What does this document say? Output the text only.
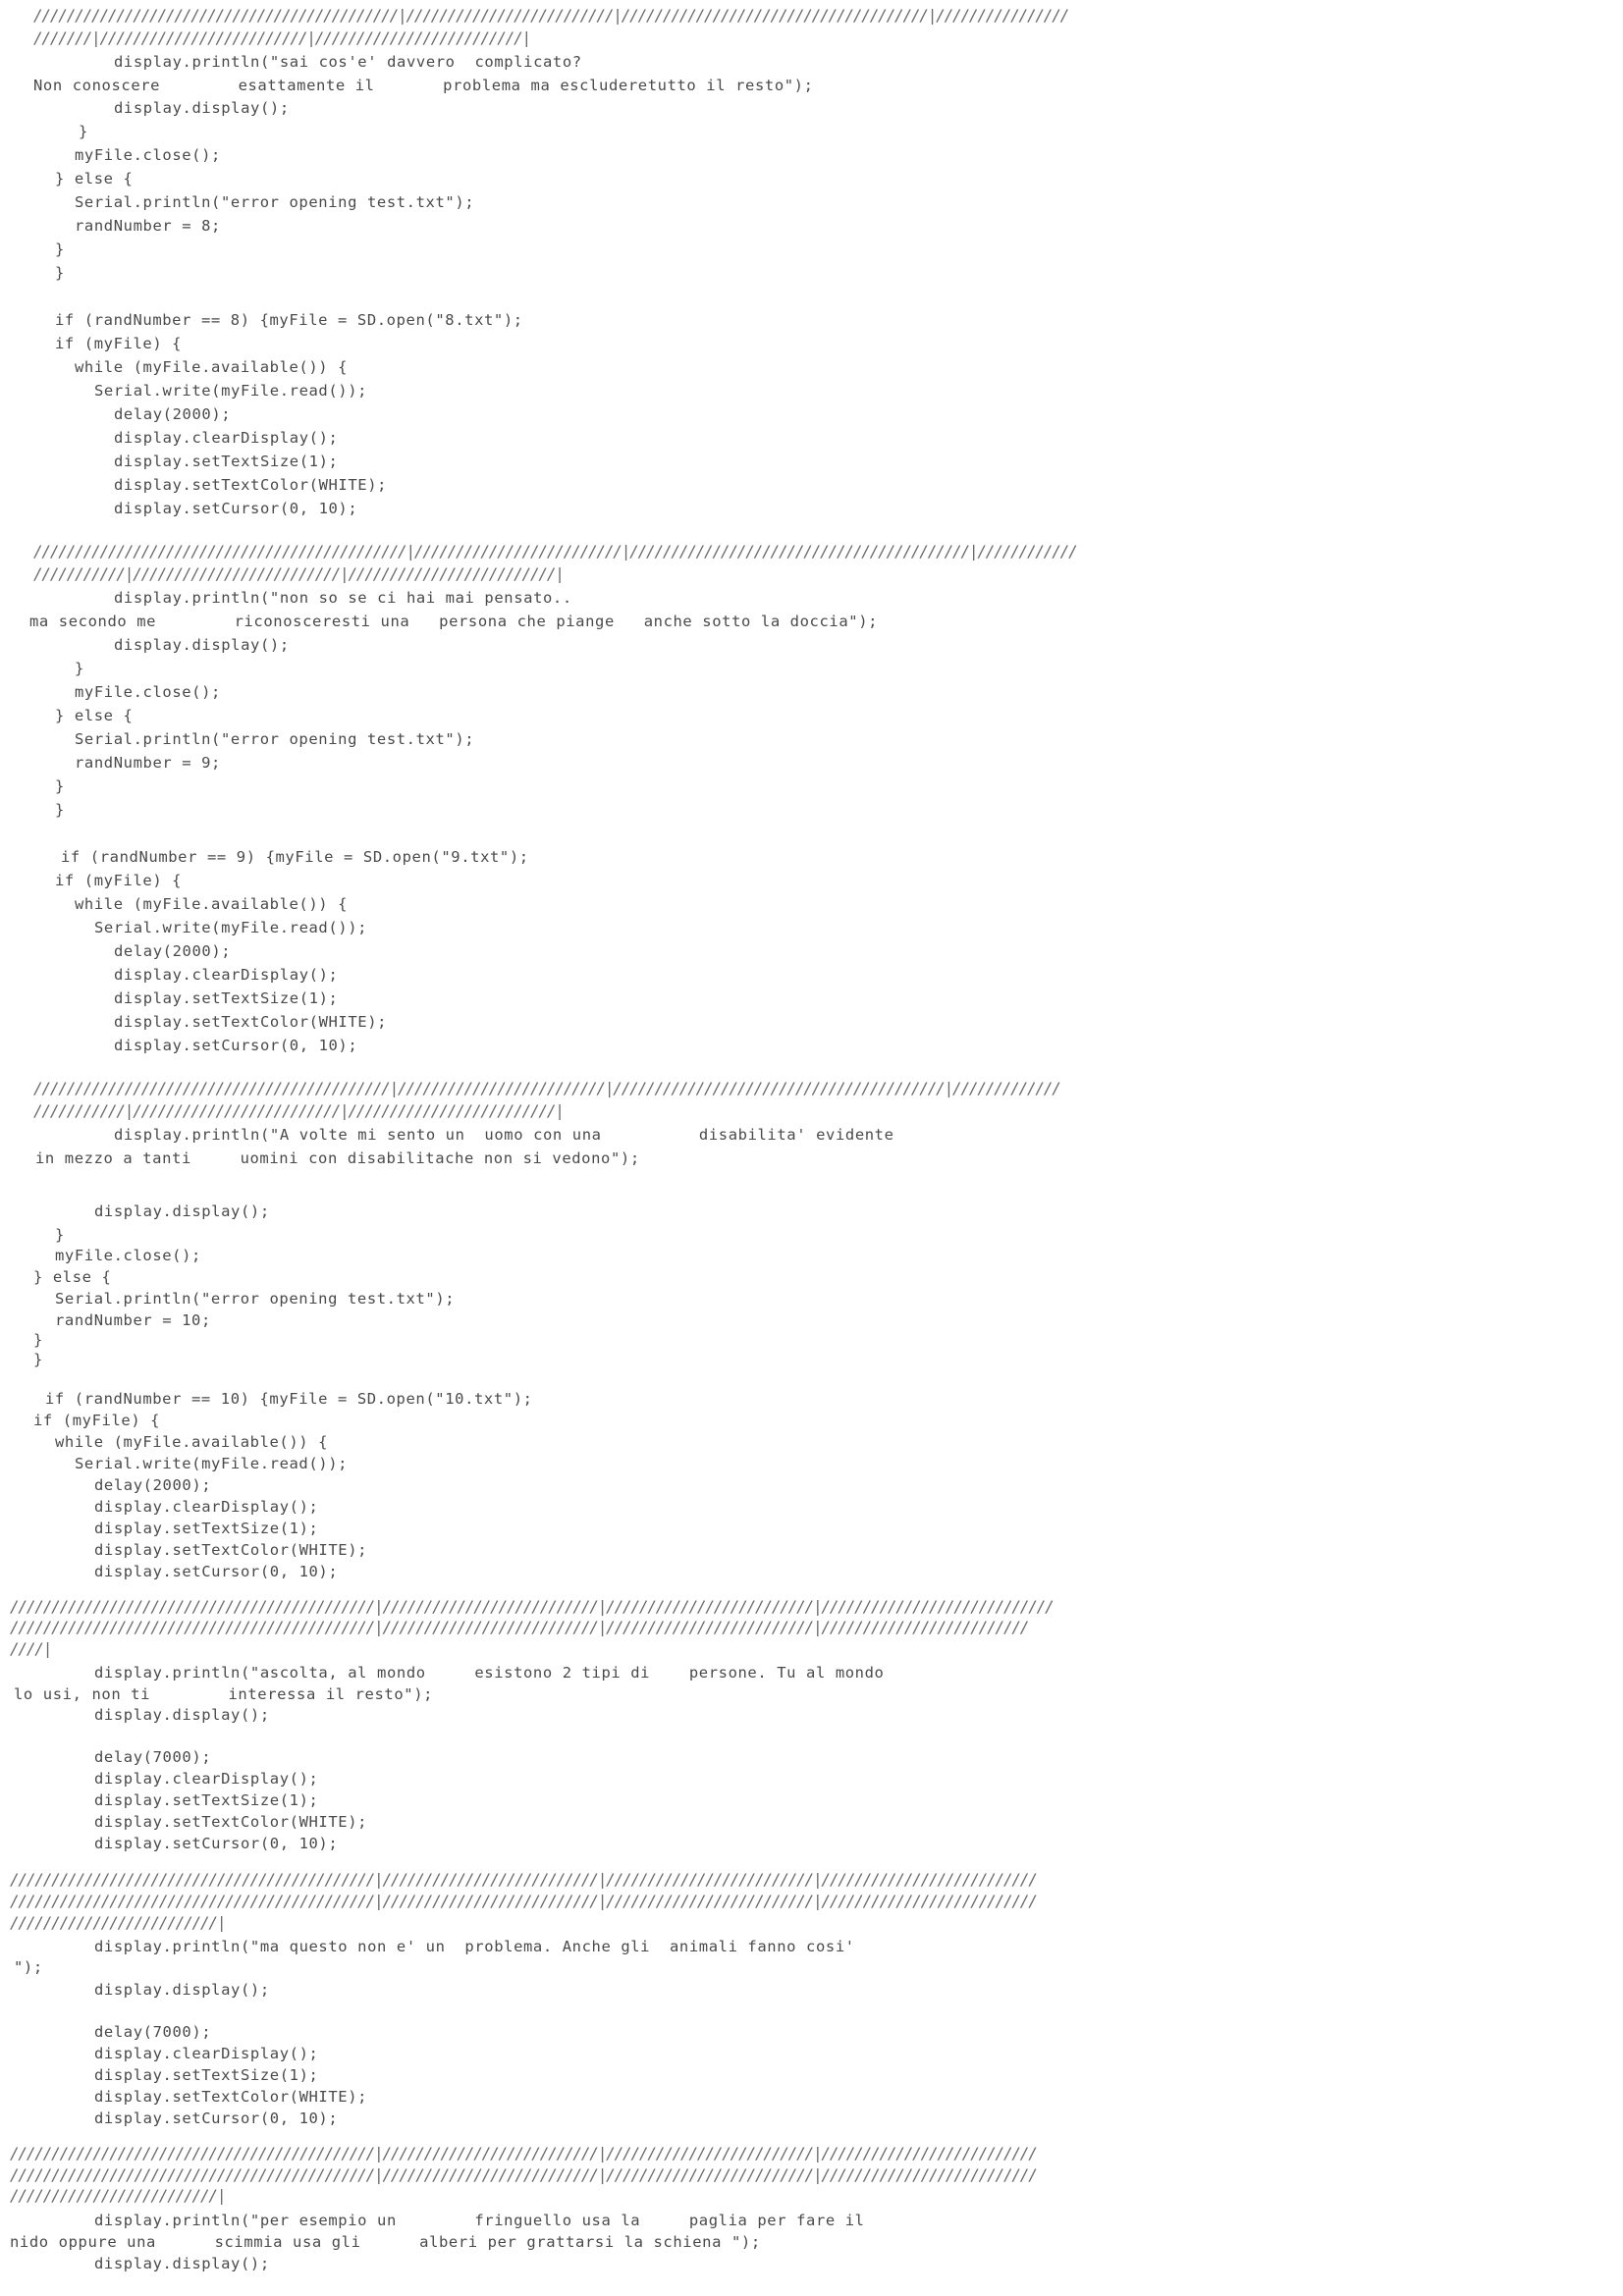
////////////////////////////////////////////|/////////////////////////|/////////////////////////////////////|////////////////
///////|/////////////////////////|/////////////////////////|
display.println("sai cos'e' davvero  complicato?
Non conoscere        esattamente il       problema ma escluderetutto il resto");
display.display();
}
myFile.close();
} else {
Serial.println("error opening test.txt");
randNumber = 8;
}
}
if (randNumber == 8) {myFile = SD.open("8.txt");
if (myFile) {
while (myFile.available()) {
Serial.write(myFile.read());
delay(2000);
display.clearDisplay();
display.setTextSize(1);
display.setTextColor(WHITE);
display.setCursor(0, 10);
/////////////////////////////////////////////|/////////////////////////|/////////////////////////////////////////|////////////
///////////|/////////////////////////|/////////////////////////|
display.println("non so se ci hai mai pensato..
ma secondo me        riconosceresti una   persona che piange   anche sotto la doccia");
display.display();
}
myFile.close();
} else {
Serial.println("error opening test.txt");
randNumber = 9;
}
}
if (randNumber == 9) {myFile = SD.open("9.txt");
if (myFile) {
while (myFile.available()) {
Serial.write(myFile.read());
delay(2000);
display.clearDisplay();
display.setTextSize(1);
display.setTextColor(WHITE);
display.setCursor(0, 10);
///////////////////////////////////////////|/////////////////////////|////////////////////////////////////////|/////////////
///////////|/////////////////////////|/////////////////////////|
display.println("A volte mi sento un  uomo con una          disabilita' evidente
in mezzo a tanti     uomini con disabilitache non si vedono");
display.display();
}
myFile.close();
} else {
Serial.println("error opening test.txt");
randNumber = 10;
}
}
if (randNumber == 10) {myFile = SD.open("10.txt");
if (myFile) {
while (myFile.available()) {
Serial.write(myFile.read());
delay(2000);
display.clearDisplay();
display.setTextSize(1);
display.setTextColor(WHITE);
display.setCursor(0, 10);
////////////////////////////////////////////|//////////////////////////|/////////////////////////|////////////////////////////
////////////////////////////////////////////|//////////////////////////|/////////////////////////|/////////////////////////
////|
display.println("ascolta, al mondo     esistono 2 tipi di    persone. Tu al mondo
lo usi, non ti        interessa il resto");
display.display();
delay(7000);
display.clearDisplay();
display.setTextSize(1);
display.setTextColor(WHITE);
display.setCursor(0, 10);
////////////////////////////////////////////|//////////////////////////|/////////////////////////|//////////////////////////
////////////////////////////////////////////|//////////////////////////|/////////////////////////|//////////////////////////
/////////////////////////|
display.println("ma questo non e' un  problema. Anche gli  animali fanno cosi'
");
display.display();
delay(7000);
display.clearDisplay();
display.setTextSize(1);
display.setTextColor(WHITE);
display.setCursor(0, 10);
////////////////////////////////////////////|//////////////////////////|/////////////////////////|//////////////////////////
////////////////////////////////////////////|//////////////////////////|/////////////////////////|//////////////////////////
/////////////////////////|
display.println("per esempio un        fringuello usa la     paglia per fare il
nido oppure una      scimmia usa gli      alberi per grattarsi la schiena ");
display.display();
